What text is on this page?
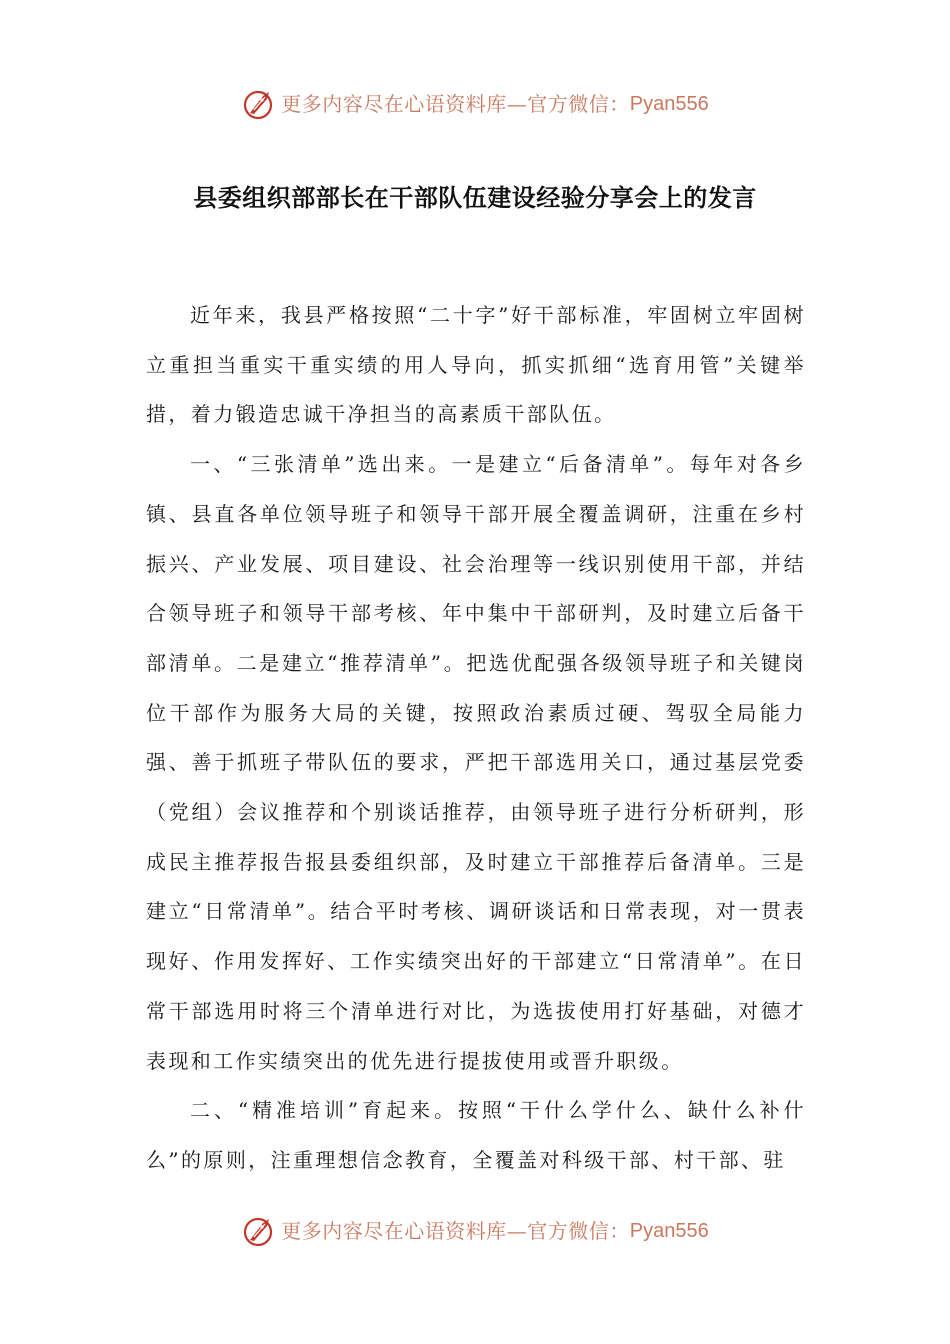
更多内容尽在心语资料库—官方微信： Pyan556
县委组织部部长在干部队伍建设经验分享会上的发言

近年来，我县严格按照“二十字”好干部标准，牢固树立牢固树立重担当重实干重实绩的用人导向，抓实抓细“选育用管”关键举措，着力锻造忠诚干净担当的高素质干部队伍。

一、“三张清单”选出来。一是建立“后备清单”。每年对各乡镇、县直各单位领导班子和领导干部开展全覆盖调研，注重在乡村振兴、产业发展、项目建设、社会治理等一线识别使用干部，并结合领导班子和领导干部考核、年中集中干部研判，及时建立后备干部清单。二是建立“推荐清单”。把选优配强各级领导班子和关键岗位干部作为服务大局的关键，按照政治素质过硬、驾驭全局能力强、善于抓班子带队伍的要求，严把干部选用关口，通过基层党委（党组）会议推荐和个别谈话推荐，由领导班子进行分析研判，形成民主推荐报告报县委组织部，及时建立干部推荐后备清单。三是建立“日常清单”。结合平时考核、调研谈话和日常表现，对一贯表现好、作用发挥好、工作实绩突出好的干部建立“日常清单”。在日常干部选用时将三个清单进行对比，为选拔使用打好基础，对德才表现和工作实绩突出的优先进行提拔使用或晋升职级。

二、“精准培训”育起来。按照“干什么学什么、缺什么补什么”的原则，注重理想信念教育，全覆盖对科级干部、村干部、驻

更多内容尽在心语资料库—官方微信： Pyan556
